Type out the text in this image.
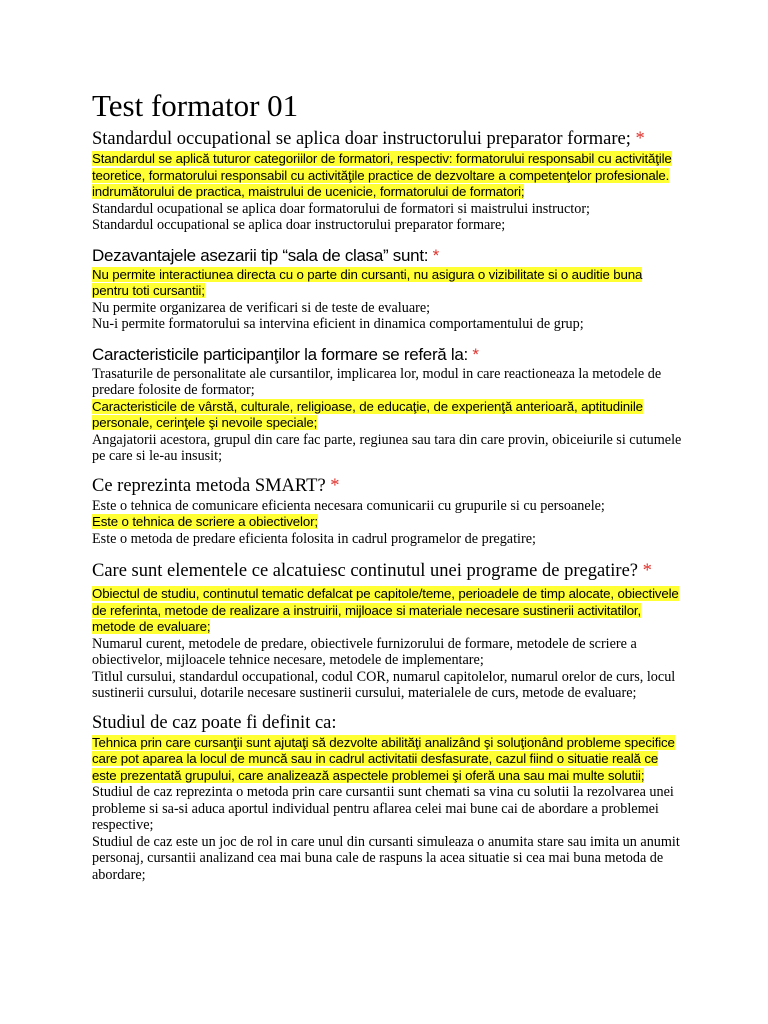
Test formator 01

Standardul occupational se aplica doar instructorului preparator formare; *

Standardul se aplică tuturor categoriilor de formatori, respectiv: formatorului responsabil cu activităţile teoretice, formatorului responsabil cu activităţile practice de dezvoltare a competenţelor profesionale. indrumătorului de practica, maistrului de ucenicie, formatorului de formatori;

Standardul ocupational se aplica doar formatorului de formatori si maistrului instructor;

Standardul occupational se aplica doar instructorului preparator formare;

Dezavantajele asezarii tip “sala de clasa” sunt: *

Nu permite interactiunea directa cu o parte din cursanti, nu asigura o vizibilitate si o auditie buna pentru toti cursantii;

Nu permite organizarea de verificari si de teste de evaluare;

Nu-i permite formatorului sa intervina eficient in dinamica comportamentului de grup;

Caracteristicile participanţilor la formare se referă la: *

Trasaturile de personalitate ale cursantilor, implicarea lor, modul in care reactioneaza la metodele de predare folosite de formator;

Caracteristicile de vârstă, culturale, religioase, de educaţie, de experienţă anterioară, aptitudinile personale, cerinţele şi nevoile speciale;

Angajatorii acestora, grupul din care fac parte, regiunea sau tara din care provin, obiceiurile si cutumele pe care si le-au insusit;

Ce reprezinta metoda SMART? *

Este o tehnica de comunicare eficienta necesara comunicarii cu grupurile si cu persoanele;

Este o tehnica de scriere a obiectivelor;

Este o metoda de predare eficienta folosita in cadrul programelor de pregatire;

Care sunt elementele ce alcatuiesc continutul unei programe de pregatire? *

Obiectul de studiu, continutul tematic defalcat pe capitole/teme, perioadele de timp alocate, obiectivele de referinta, metode de realizare a instruirii, mijloace si materiale necesare sustinerii activitatilor, metode de evaluare;

Numarul curent, metodele de predare, obiectivele furnizorului de formare, metodele de scriere a obiectivelor, mijloacele tehnice necesare, metodele de implementare;

Titlul cursului, standardul occupational, codul COR, numarul capitolelor, numarul orelor de curs, locul sustinerii cursului, dotarile necesare sustinerii cursului, materialele de curs, metode de evaluare;

Studiul de caz poate fi definit ca:

Tehnica prin care cursanţii sunt ajutaţi să dezvolte abilităţi analizând şi soluţionând probleme specifice care pot aparea la locul de muncă sau in cadrul activitatii desfasurate, cazul fiind o situatie reală ce este prezentată grupului, care analizează aspectele problemei şi oferă una sau mai multe solutii;

Studiul de caz reprezinta o metoda prin care cursantii sunt chemati sa vina cu solutii la rezolvarea unei probleme si sa-si aduca aportul individual pentru aflarea celei mai bune cai de abordare a problemei respective;

Studiul de caz este un joc de rol in care unul din cursanti simuleaza o anumita stare sau imita un anumit personaj, cursantii analizand cea mai buna cale de raspuns la acea situatie si cea mai buna metoda de abordare;
